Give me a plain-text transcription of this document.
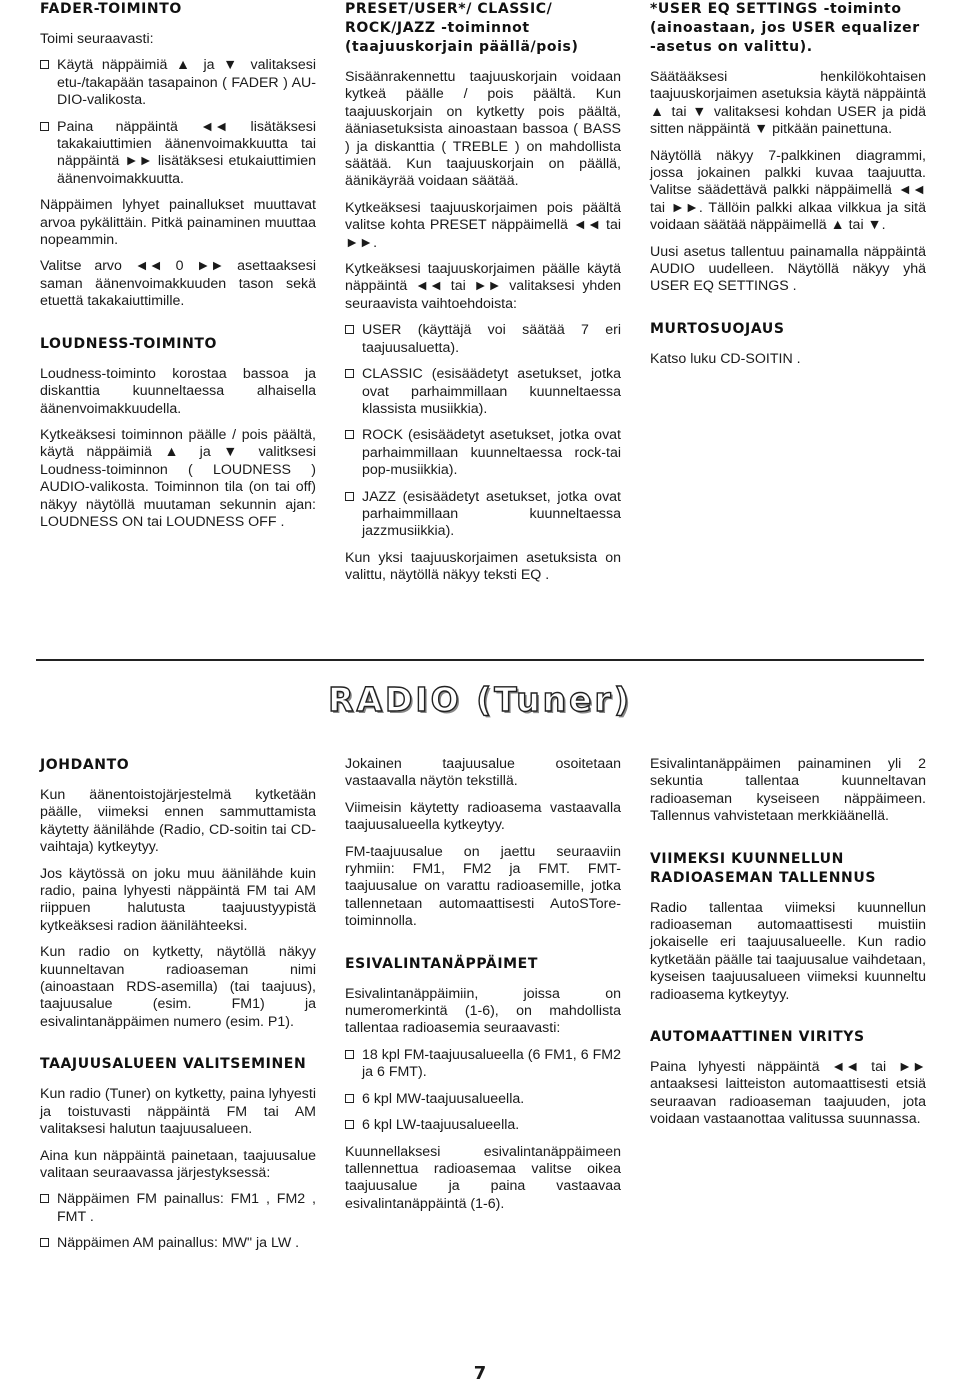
FADER-TOIMINTO

Toimi seuraavasti:

Käytä näppäimiä ▲ ja ▼ valitaksesi etu-/takapään tasapainon ( FADER ) AU-DIO-valikosta.
Paina näppäintä ◄◄ lisätäksesi takakaiuttimien äänenvoimakkuutta tai näppäintä ►► lisätäksesi etukaiuttimien äänenvoimakkuutta.

Näppäimen lyhyet painallukset muuttavat arvoa pykälittäin. Pitkä painaminen muuttaa nopeammin.

Valitse arvo ◄◄ 0 ►► asettaaksesi saman äänenvoimakkuuden tason sekä etuettä takakaiuttimille.

LOUDNESS-TOIMINTO

Loudness-toiminto korostaa bassoa ja diskanttia kuunneltaessa alhaisella äänenvoimakkuudella.

Kytkeäksesi toiminnon päälle / pois päältä, käytä näppäimiä ▲ ja ▼ valitksesi Loudness-toiminnon ( LOUDNESS ) AUDIO-valikosta. Toiminnon tila (on tai off) näkyy näytöllä muutaman sekunnin ajan: LOUDNESS ON tai LOUDNESS OFF .

PRESET/USER*/ CLASSIC/ ROCK/JAZZ -toiminnot (taajuuskorjain päällä/pois)

Sisäänrakennettu taajuuskorjain voidaan kytkeä päälle / pois päältä. Kun taajuuskorjain on kytketty pois päältä, ääniasetuksista ainoastaan bassoa ( BASS ) ja diskanttia ( TREBLE ) on mahdollista säätää. Kun taajuuskorjain on päällä, äänikäyrää voidaan säätää.

Kytkeäksesi taajuuskorjaimen pois päältä valitse kohta PRESET näppäimellä ◄◄ tai ►►.

Kytkeäksesi taajuuskorjaimen päälle käytä näppäintä ◄◄ tai ►► valitaksesi yhden seuraavista vaihtoehdoista:

USER (käyttäjä voi säätää 7 eri taajuusaluetta).
CLASSIC (esisäädetyt asetukset, jotka ovat parhaimmillaan kuunneltaessa klassista musiikkia).
ROCK (esisäädetyt asetukset, jotka ovat parhaimmillaan kuunneltaessa rock-tai pop-musiikkia).
JAZZ (esisäädetyt asetukset, jotka ovat parhaimmillaan kuunneltaessa jazzmusiikkia).

Kun yksi taajuuskorjaimen asetuksista on valittu, näytöllä näkyy teksti EQ .

*USER EQ SETTINGS -toiminto (ainoastaan, jos USER equalizer -asetus on valittu).

Säätääksesi henkilökohtaisen taajuuskorjaimen asetuksia käytä näppäintä ▲ tai ▼ valitaksesi kohdan USER ja pidä sitten näppäintä ▼ pitkään painettuna.

Näytöllä näkyy 7-palkkinen diagrammi, jossa jokainen palkki kuvaa taajuutta. Valitse säädettävä palkki näppäimellä ◄◄ tai ►►. Tällöin palkki alkaa vilkkua ja sitä voidaan säätää näppäimellä ▲ tai ▼.

Uusi asetus tallentuu painamalla näppäintä AUDIO uudelleen. Näytöllä näkyy yhä USER EQ SETTINGS .

MURTOSUOJAUS

Katso luku CD-SOITIN .

RADIO (Tuner)
JOHDANTO

Kun äänentoistojärjestelmä kytketään päälle, viimeksi ennen sammuttamista käytetty äänilähde (Radio, CD-soitin tai CD-vaihtaja) kytkeytyy.

Jos käytössä on joku muu äänilähde kuin radio, paina lyhyesti näppäintä FM tai AM riippuen halutusta taajuustyypistä kytkeäksesi radion äänilähteeksi.

Kun radio on kytketty, näytöllä näkyy kuunneltavan radioaseman nimi (ainoastaan RDS-asemilla) (tai taajuus), taajuusalue (esim. FM1) ja esivalintanäppäimen numero (esim. P1).

TAAJUUSALUEEN VALITSEMINEN

Kun radio (Tuner) on kytketty, paina lyhyesti ja toistuvasti näppäintä FM tai AM valitaksesi halutun taajuusalueen.

Aina kun näppäintä painetaan, taajuusalue valitaan seuraavassa järjestyksessä:

Näppäimen FM painallus: FM1 , FM2 , FMT .
Näppäimen AM painallus: MW" ja LW .

Jokainen taajuusalue osoitetaan vastaavalla näytön tekstillä.

Viimeisin käytetty radioasema vastaavalla taajuusalueella kytkeytyy.

FM-taajuusalue on jaettu seuraaviin ryhmiin: FM1, FM2 ja FMT. FMT-taajuusalue on varattu radioasemille, jotka tallennetaan automaattisesti AutoSTore-toiminnolla.

ESIVALINTANÄPPÄIMET

Esivalintanäppäimiin, joissa on numeromerkintä (1-6), on mahdollista tallentaa radioasemia seuraavasti:

18 kpl FM-taajuusalueella (6 FM1, 6 FM2 ja 6 FMT).
6 kpl MW-taajuusalueella.
6 kpl LW-taajuusalueella.

Kuunnellaksesi esivalintanäppäimeen tallennettua radioasemaa valitse oikea taajuusalue ja paina vastaavaa esivalintanäppäintä (1-6).

Esivalintanäppäimen painaminen yli 2 sekuntia tallentaa kuunneltavan radioaseman kyseiseen näppäimeen. Tallennus vahvistetaan merkkiäänellä.

VIIMEKSI KUUNNELLUN RADIOASEMAN TALLENNUS

Radio tallentaa viimeksi kuunnellun radioaseman automaattisesti muistiin jokaiselle eri taajuusalueelle. Kun radio kytketään päälle tai taajuusalue vaihdetaan, kyseisen taajuusalueen viimeksi kuunneltu radioasema kytkeytyy.

AUTOMAATTINEN VIRITYS

Paina lyhyesti näppäintä ◄◄ tai ►► antaaksesi laitteiston automaattisesti etsiä seuraavan radioaseman taajuuden, jota voidaan vastaanottaa valitussa suunnassa.

7
